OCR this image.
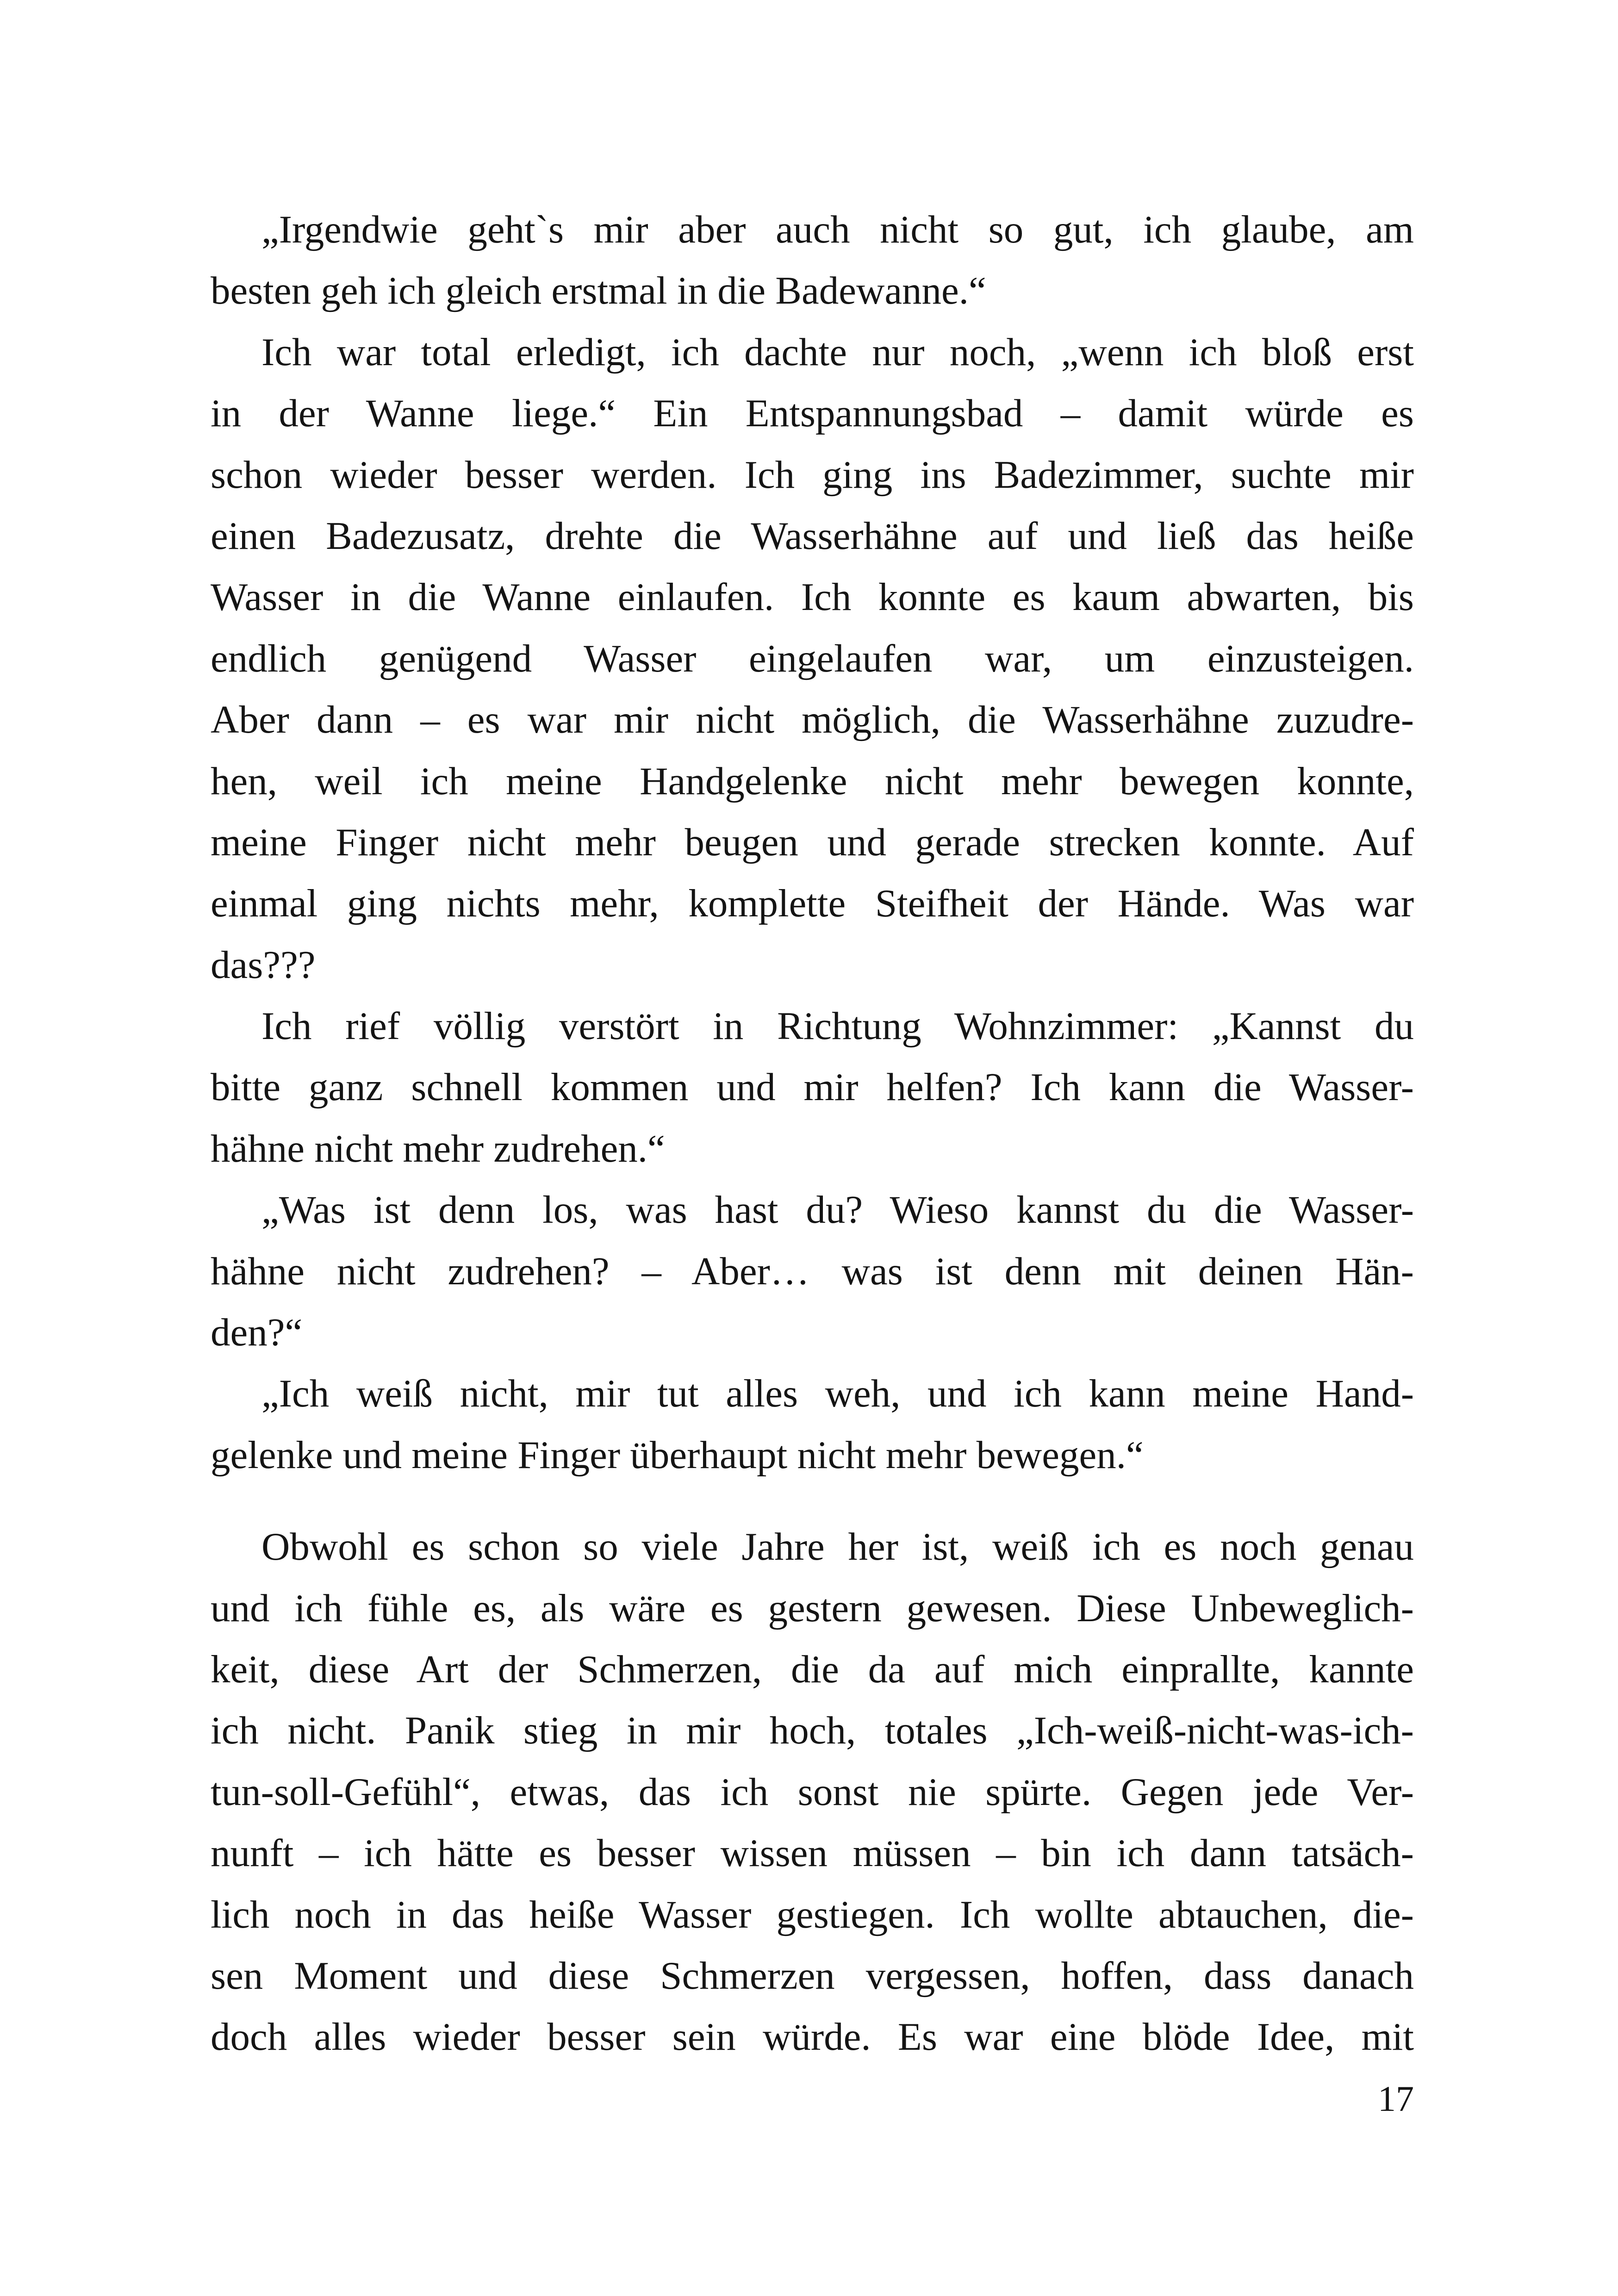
„Irgendwie geht`s mir aber auch nicht so gut, ich glaube, am
besten geh ich gleich erstmal in die Badewanne.“
Ich war total erledigt, ich dachte nur noch, „wenn ich bloß erst
in der Wanne liege.“ Ein Entspannungsbad – damit würde es
schon wieder besser werden. Ich ging ins Badezimmer, suchte mir
einen Badezusatz, drehte die Wasserhähne auf und ließ das heiße
Wasser in die Wanne einlaufen. Ich konnte es kaum abwarten, bis
endlich genügend Wasser eingelaufen war, um einzusteigen.
Aber dann – es war mir nicht möglich, die Wasserhähne zuzudre-
hen, weil ich meine Handgelenke nicht mehr bewegen konnte,
meine Finger nicht mehr beugen und gerade strecken konnte. Auf
einmal ging nichts mehr, komplette Steifheit der Hände. Was war
das???
Ich rief völlig verstört in Richtung Wohnzimmer: „Kannst du
bitte ganz schnell kommen und mir helfen? Ich kann die Wasser-
hähne nicht mehr zudrehen.“
„Was ist denn los, was hast du? Wieso kannst du die Wasser-
hähne nicht zudrehen? – Aber… was ist denn mit deinen Hän-
den?“
„Ich weiß nicht, mir tut alles weh, und ich kann meine Hand-
gelenke und meine Finger überhaupt nicht mehr bewegen.“
Obwohl es schon so viele Jahre her ist, weiß ich es noch genau
und ich fühle es, als wäre es gestern gewesen. Diese Unbeweglich-
keit, diese Art der Schmerzen, die da auf mich einprallte, kannte
ich nicht. Panik stieg in mir hoch, totales „Ich-weiß-nicht-was-ich-
tun-soll-Gefühl“, etwas, das ich sonst nie spürte. Gegen jede Ver-
nunft – ich hätte es besser wissen müssen – bin ich dann tatsäch-
lich noch in das heiße Wasser gestiegen. Ich wollte abtauchen, die-
sen Moment und diese Schmerzen vergessen, hoffen, dass danach
doch alles wieder besser sein würde. Es war eine blöde Idee, mit
17
